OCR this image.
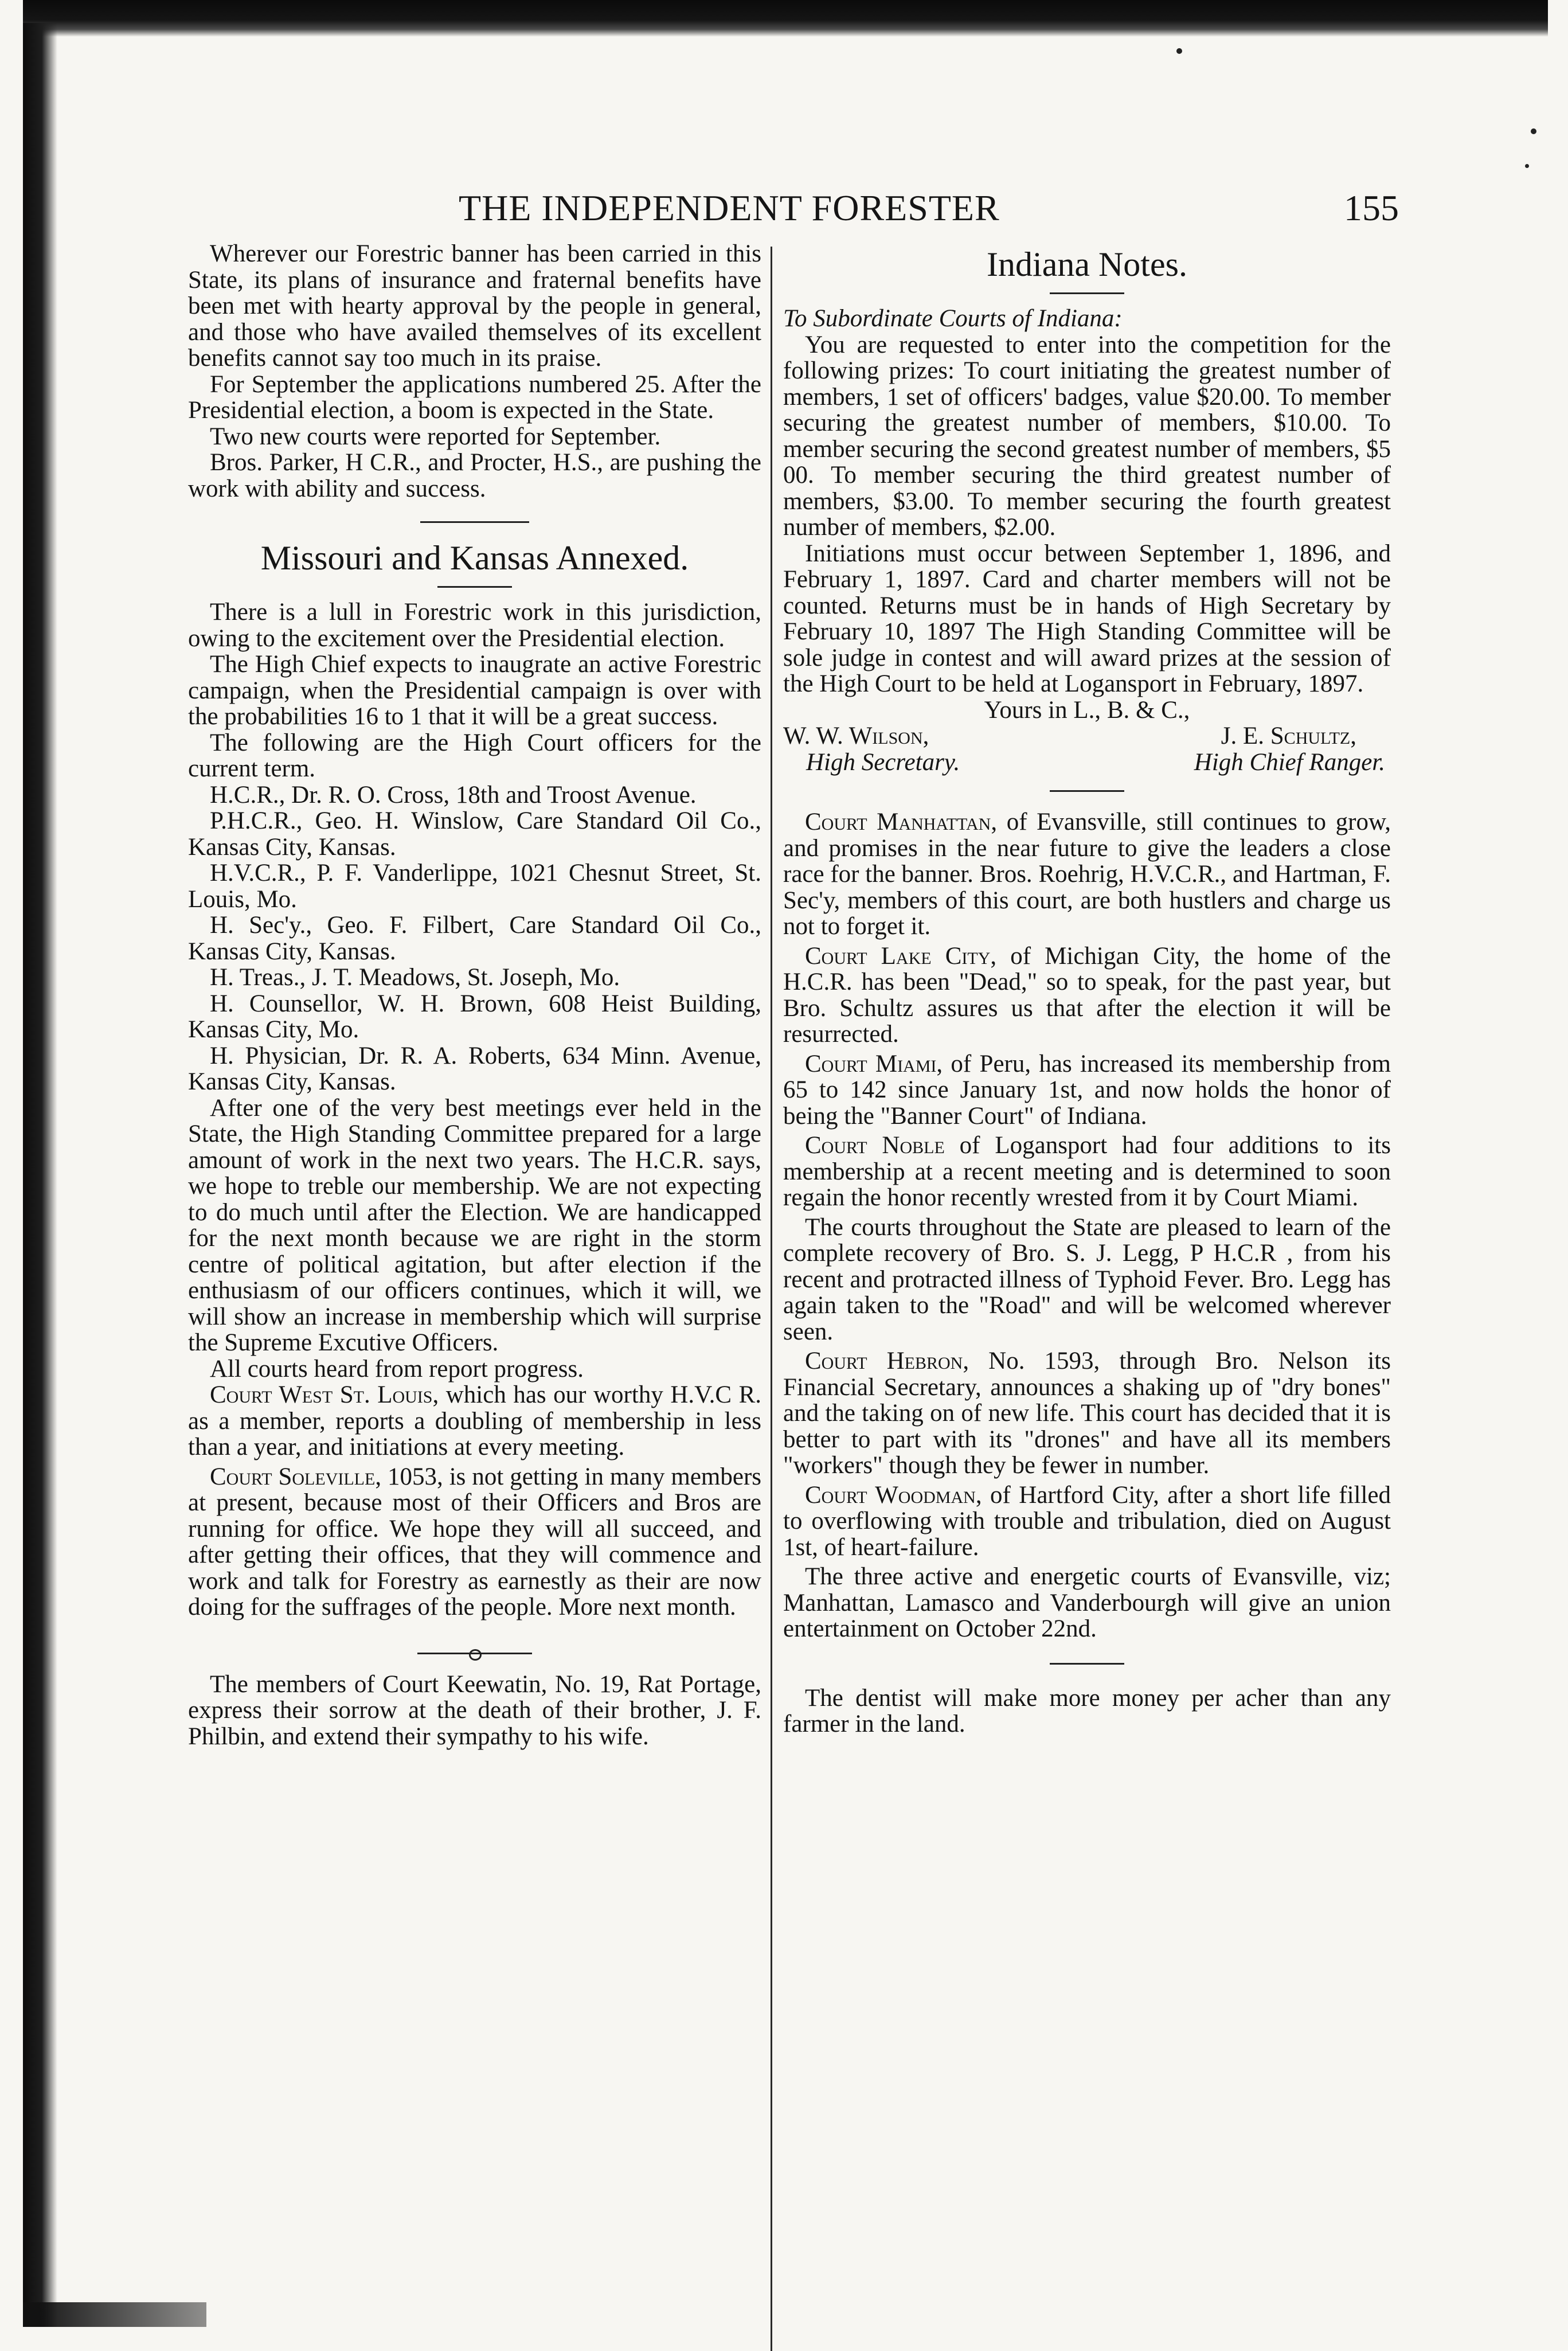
THE INDEPENDENT FORESTER	155

Wherever our Forestric banner has been carried in this State, its plans of insurance and fraternal benefits have been met with hearty approval by the people in general, and those who have availed themselves of its excellent benefits cannot say too much in its praise.

For September the applications numbered 25. After the Presidential election, a boom is expected in the State.

Two new courts were reported for September.

Bros. Parker, H C.R., and Procter, H.S., are pushing the work with ability and success.

Missouri and Kansas Annexed.

There is a lull in Forestric work in this jurisdiction, owing to the excitement over the Presidential election.

The High Chief expects to inaugrate an active Forestric campaign, when the Presidential campaign is over with the probabilities 16 to 1 that it will be a great success.

The following are the High Court officers for the current term.

H.C.R., Dr. R. O. Cross, 18th and Troost Avenue.

P.H.C.R., Geo. H. Winslow, Care Standard Oil Co., Kansas City, Kansas.

H.V.C.R., P. F. Vanderlippe, 1021 Chesnut Street, St. Louis, Mo.

H. Sec'y., Geo. F. Filbert, Care Standard Oil Co., Kansas City, Kansas.

H. Treas., J. T. Meadows, St. Joseph, Mo.

H. Counsellor, W. H. Brown, 608 Heist Building, Kansas City, Mo.

H. Physician, Dr. R. A. Roberts, 634 Minn. Avenue, Kansas City, Kansas.

After one of the very best meetings ever held in the State, the High Standing Committee prepared for a large amount of work in the next two years. The H.C.R. says, we hope to treble our membership. We are not expecting to do much until after the Election. We are handicapped for the next month because we are right in the storm centre of political agitation, but after election if the enthusiasm of our officers continues, which it will, we will show an increase in membership which will surprise the Supreme Excutive Officers.

All courts heard from report progress.

Court West St. Louis, which has our worthy H.V.C R. as a member, reports a doubling of membership in less than a year, and initiations at every meeting.

Court Soleville, 1053, is not getting in many members at present, because most of their Officers and Bros are running for office. We hope they will all succeed, and after getting their offices, that they will commence and work and talk for Forestry as earnestly as their are now doing for the suffrages of the people. More next month.

The members of Court Keewatin, No. 19, Rat Portage, express their sorrow at the death of their brother, J. F. Philbin, and extend their sympathy to his wife.

Indiana Notes.

To Subordinate Courts of Indiana:

You are requested to enter into the competition for the following prizes: To court initiating the greatest number of members, 1 set of officers' badges, value $20.00. To member securing the greatest number of members, $10.00. To member securing the second greatest number of members, $5 00. To member securing the third greatest number of members, $3.00. To member securing the fourth greatest number of members, $2.00.

Initiations must occur between September 1, 1896, and February 1, 1897. Card and charter members will not be counted. Returns must be in hands of High Secretary by February 10, 1897 The High Standing Committee will be sole judge in contest and will award prizes at the session of the High Court to be held at Logansport in February, 1897.

Yours in L., B. & C.,

W. W. Wilson,	J. E. Schultz,
High Secretary.	High Chief Ranger.

Court Manhattan, of Evansville, still continues to grow, and promises in the near future to give the leaders a close race for the banner. Bros. Roehrig, H.V.C.R., and Hartman, F. Sec'y, members of this court, are both hustlers and charge us not to forget it.

Court Lake City, of Michigan City, the home of the H.C.R. has been "Dead," so to speak, for the past year, but Bro. Schultz assures us that after the election it will be resurrected.

Court Miami, of Peru, has increased its membership from 65 to 142 since January 1st, and now holds the honor of being the "Banner Court" of Indiana.

Court Noble of Logansport had four additions to its membership at a recent meeting and is determined to soon regain the honor recently wrested from it by Court Miami.

The courts throughout the State are pleased to learn of the complete recovery of Bro. S. J. Legg, P H.C.R , from his recent and protracted illness of Typhoid Fever. Bro. Legg has again taken to the "Road" and will be welcomed wherever seen.

Court Hebron, No. 1593, through Bro. Nelson its Financial Secretary, announces a shaking up of "dry bones" and the taking on of new life. This court has decided that it is better to part with its "drones" and have all its members "workers" though they be fewer in number.

Court Woodman, of Hartford City, after a short life filled to overflowing with trouble and tribulation, died on August 1st, of heart-failure.

The three active and energetic courts of Evansville, viz; Manhattan, Lamasco and Vanderbourgh will give an union entertainment on October 22nd.

The dentist will make more money per acher than any farmer in the land.
